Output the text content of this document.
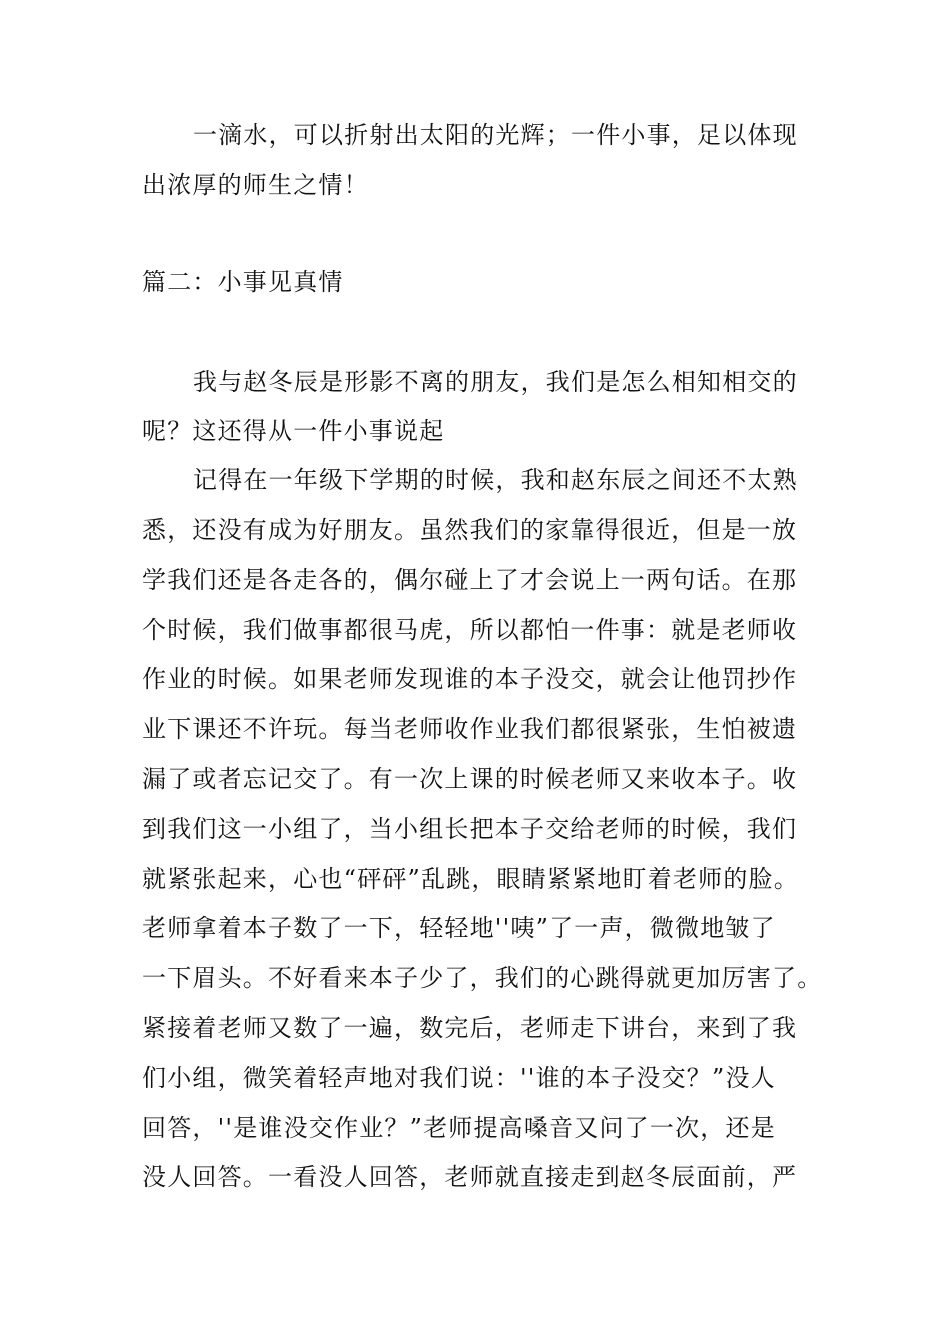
一滴水，可以折射出太阳的光辉；一件小事，足以体现
出浓厚的师生之情！
篇二：小事见真情
我与赵冬辰是形影不离的朋友，我们是怎么相知相交的
呢？这还得从一件小事说起
记得在一年级下学期的时候，我和赵东辰之间还不太熟
悉，还没有成为好朋友。虽然我们的家靠得很近，但是一放
学我们还是各走各的，偶尔碰上了才会说上一两句话。在那
个时候，我们做事都很马虎，所以都怕一件事：就是老师收
作业的时候。如果老师发现谁的本子没交，就会让他罚抄作
业下课还不许玩。每当老师收作业我们都很紧张，生怕被遗
漏了或者忘记交了。有一次上课的时候老师又来收本子。收
到我们这一小组了，当小组长把本子交给老师的时候，我们
就紧张起来，心也“砰砰”乱跳，眼睛紧紧地盯着老师的脸。
老师拿着本子数了一下，轻轻地''咦”了一声，微微地皱了
一下眉头。不好看来本子少了，我们的心跳得就更加厉害了。
紧接着老师又数了一遍，数完后，老师走下讲台，来到了我
们小组，微笑着轻声地对我们说：''谁的本子没交？”没人
回答，''是谁没交作业？”老师提高嗓音又问了一次，还是
没人回答。一看没人回答，老师就直接走到赵冬辰面前，严
